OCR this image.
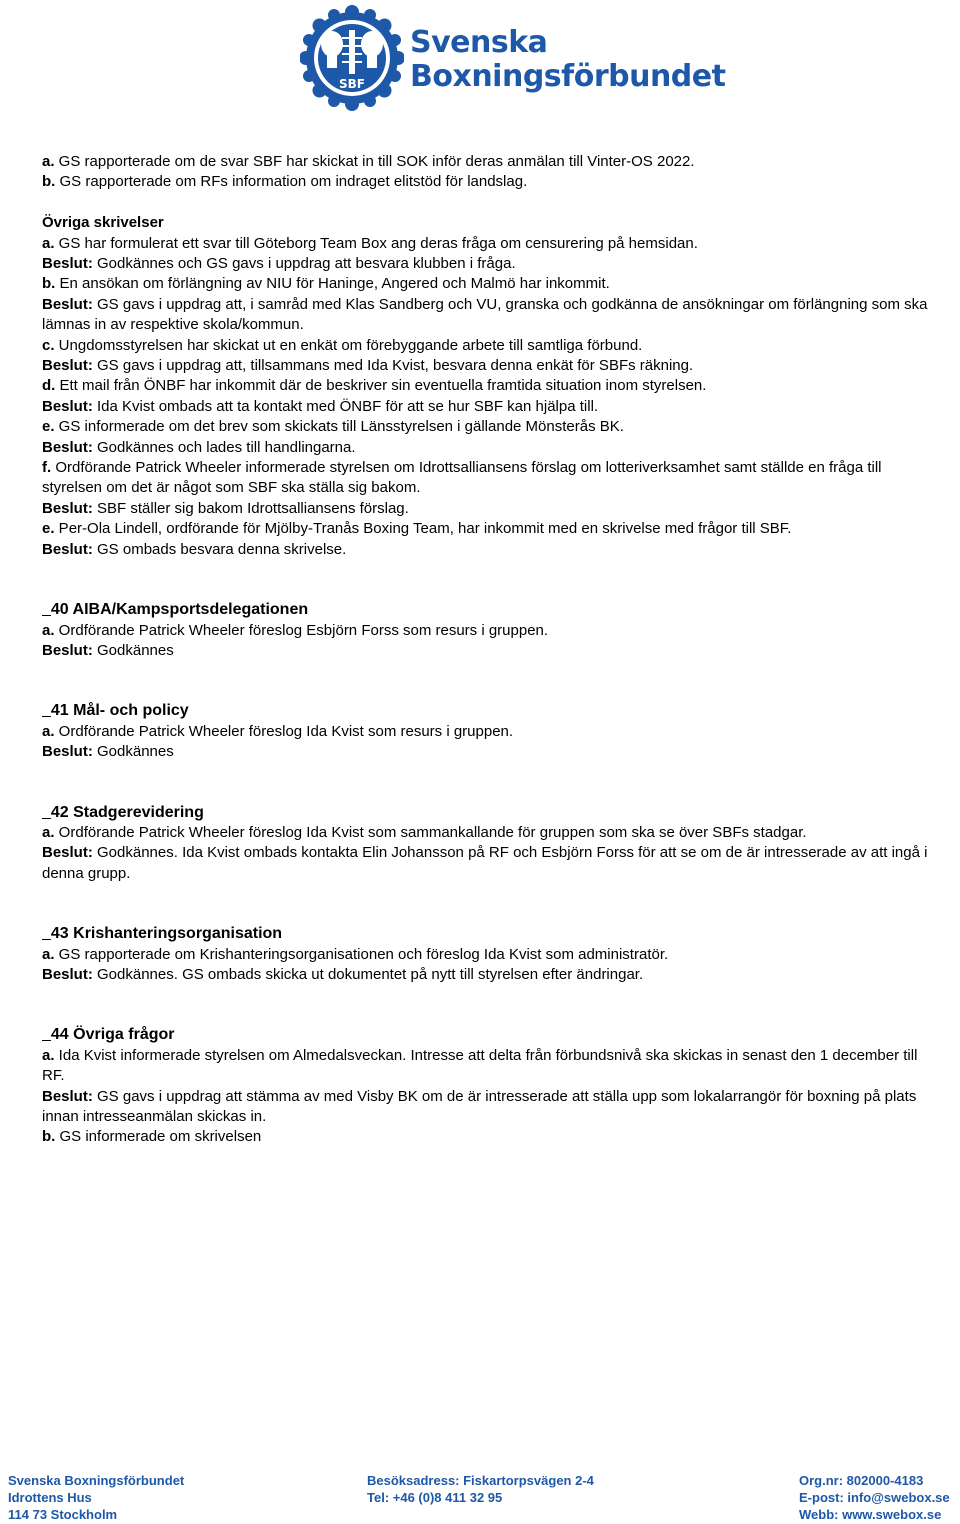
SBF
Svenska
Boxningsförbundet
a. GS rapporterade om de svar SBF har skickat in till SOK inför deras anmälan till Vinter-OS 2022.
b. GS rapporterade om RFs information om indraget elitstöd för landslag.
Övriga skrivelser
a. GS har formulerat ett svar till Göteborg Team Box ang deras fråga om censurering på hemsidan.
Beslut: Godkännes och GS gavs i uppdrag att besvara klubben i fråga.
b. En ansökan om förlängning av NIU för Haninge, Angered och Malmö har inkommit.
Beslut: GS gavs i uppdrag att, i samråd med Klas Sandberg och VU, granska och godkänna de ansökningar om förlängning som ska lämnas in av respektive skola/kommun.
c. Ungdomsstyrelsen har skickat ut en enkät om förebyggande arbete till samtliga förbund.
Beslut: GS gavs i uppdrag att, tillsammans med Ida Kvist, besvara denna enkät för SBFs räkning.
d. Ett mail från ÖNBF har inkommit där de beskriver sin eventuella framtida situation inom styrelsen.
Beslut: Ida Kvist ombads att ta kontakt med ÖNBF för att se hur SBF kan hjälpa till.
e. GS informerade om det brev som skickats till Länsstyrelsen i gällande Mönsterås BK.
Beslut: Godkännes och lades till handlingarna.
f. Ordförande Patrick Wheeler informerade styrelsen om Idrottsalliansens förslag om lotteriverksamhet samt ställde en fråga till styrelsen om det är något som SBF ska ställa sig bakom.
Beslut: SBF ställer sig bakom Idrottsalliansens förslag.
e. Per-Ola Lindell, ordförande för Mjölby-Tranås Boxing Team, har inkommit med en skrivelse med frågor till SBF.
Beslut: GS ombads besvara denna skrivelse.
40 AIBA/Kampsportsdelegationen
a. Ordförande Patrick Wheeler föreslog Esbjörn Forss som resurs i gruppen.
Beslut: Godkännes
41 Mål- och policy
a. Ordförande Patrick Wheeler föreslog Ida Kvist som resurs i gruppen.
Beslut: Godkännes
42 Stadgerevidering
a. Ordförande Patrick Wheeler föreslog Ida Kvist som sammankallande för gruppen som ska se över SBFs stadgar.
Beslut: Godkännes. Ida Kvist ombads kontakta Elin Johansson på RF och Esbjörn Forss för att se om de är intresserade av att ingå i denna grupp.
43 Krishanteringsorganisation
a. GS rapporterade om Krishanteringsorganisationen och föreslog Ida Kvist som administratör.
Beslut: Godkännes. GS ombads skicka ut dokumentet på nytt till styrelsen efter ändringar.
44 Övriga frågor
a. Ida Kvist informerade styrelsen om Almedalsveckan. Intresse att delta från förbundsnivå ska skickas in senast den 1 december till RF.
Beslut: GS gavs i uppdrag att stämma av med Visby BK om de är intresserade att ställa upp som lokalarrangör för boxning på plats innan intresseanmälan skickas in.
b. GS informerade om skrivelsen
Svenska Boxningsförbundet
Idrottens Hus
114 73 Stockholm
Besöksadress: Fiskartorpsvägen 2-4
Tel: +46 (0)8 411 32 95
Org.nr: 802000-4183
E-post: info@swebox.se
Webb: www.swebox.se
